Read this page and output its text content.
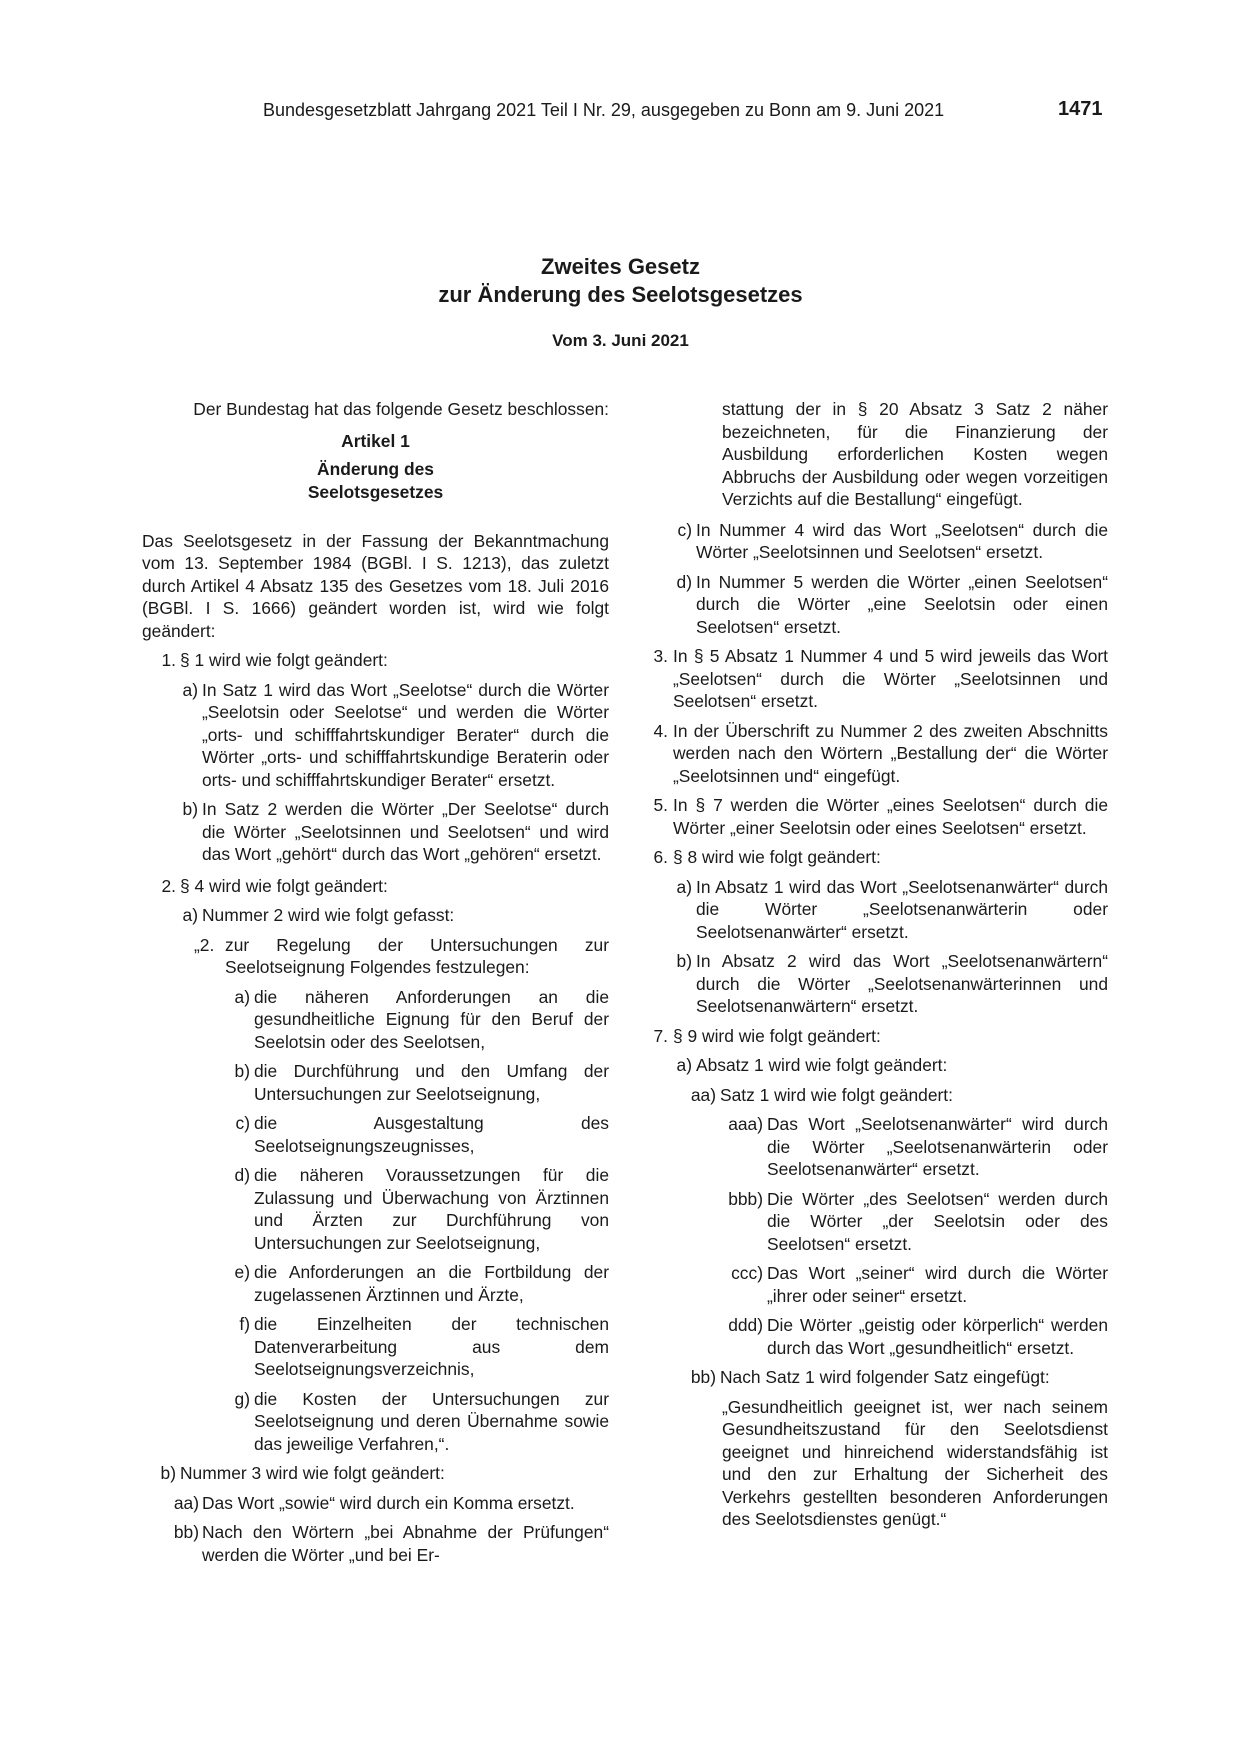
Bundesgesetzblatt Jahrgang 2021 Teil I Nr. 29, ausgegeben zu Bonn am 9. Juni 2021	1471
Zweites Gesetz
zur Änderung des Seelotsgesetzes
Vom 3. Juni 2021
Der Bundestag hat das folgende Gesetz beschlossen:
Artikel 1
Änderung des
Seelotsgesetzes
Das Seelotsgesetz in der Fassung der Bekanntmachung vom 13. September 1984 (BGBl. I S. 1213), das zuletzt durch Artikel 4 Absatz 135 des Gesetzes vom 18. Juli 2016 (BGBl. I S. 1666) geändert worden ist, wird wie folgt geändert:
1. § 1 wird wie folgt geändert:
a) In Satz 1 wird das Wort „Seelotse“ durch die Wörter „Seelotsin oder Seelotse“ und werden die Wörter „orts- und schifffahrtskundiger Berater“ durch die Wörter „orts- und schifffahrtskundige Beraterin oder orts- und schifffahrtskundiger Berater“ ersetzt.
b) In Satz 2 werden die Wörter „Der Seelotse“ durch die Wörter „Seelotsinnen und Seelotsen“ und wird das Wort „gehört“ durch das Wort „gehören“ ersetzt.
2. § 4 wird wie folgt geändert:
a) Nummer 2 wird wie folgt gefasst:
„2. zur Regelung der Untersuchungen zur Seelotseignung Folgendes festzulegen:
a) die näheren Anforderungen an die gesundheitliche Eignung für den Beruf der Seelotsin oder des Seelotsen,
b) die Durchführung und den Umfang der Untersuchungen zur Seelotseignung,
c) die Ausgestaltung des Seelotseignungszeugnisses,
d) die näheren Voraussetzungen für die Zulassung und Überwachung von Ärztinnen und Ärzten zur Durchführung von Untersuchungen zur Seelotseignung,
e) die Anforderungen an die Fortbildung der zugelassenen Ärztinnen und Ärzte,
f) die Einzelheiten der technischen Datenverarbeitung aus dem Seelotseignungsverzeichnis,
g) die Kosten der Untersuchungen zur Seelotseignung und deren Übernahme sowie das jeweilige Verfahren,“.
b) Nummer 3 wird wie folgt geändert:
aa) Das Wort „sowie“ wird durch ein Komma ersetzt.
bb) Nach den Wörtern „bei Abnahme der Prüfungen“ werden die Wörter „und bei Er-
stattung der in § 20 Absatz 3 Satz 2 näher bezeichneten, für die Finanzierung der Ausbildung erforderlichen Kosten wegen Abbruchs der Ausbildung oder wegen vorzeitigen Verzichts auf die Bestallung“ eingefügt.
c) In Nummer 4 wird das Wort „Seelotsen“ durch die Wörter „Seelotsinnen und Seelotsen“ ersetzt.
d) In Nummer 5 werden die Wörter „einen Seelotsen“ durch die Wörter „eine Seelotsin oder einen Seelotsen“ ersetzt.
3. In § 5 Absatz 1 Nummer 4 und 5 wird jeweils das Wort „Seelotsen“ durch die Wörter „Seelotsinnen und Seelotsen“ ersetzt.
4. In der Überschrift zu Nummer 2 des zweiten Abschnitts werden nach den Wörtern „Bestallung der“ die Wörter „Seelotsinnen und“ eingefügt.
5. In § 7 werden die Wörter „eines Seelotsen“ durch die Wörter „einer Seelotsin oder eines Seelotsen“ ersetzt.
6. § 8 wird wie folgt geändert:
a) In Absatz 1 wird das Wort „Seelotsenanwärter“ durch die Wörter „Seelotsenanwärterin oder Seelotsenanwärter“ ersetzt.
b) In Absatz 2 wird das Wort „Seelotsenanwärtern“ durch die Wörter „Seelotsenanwärterinnen und Seelotsenanwärtern“ ersetzt.
7. § 9 wird wie folgt geändert:
a) Absatz 1 wird wie folgt geändert:
aa) Satz 1 wird wie folgt geändert:
aaa) Das Wort „Seelotsenanwärter“ wird durch die Wörter „Seelotsenanwärterin oder Seelotsenanwärter“ ersetzt.
bbb) Die Wörter „des Seelotsen“ werden durch die Wörter „der Seelotsin oder des Seelotsen“ ersetzt.
ccc) Das Wort „seiner“ wird durch die Wörter „ihrer oder seiner“ ersetzt.
ddd) Die Wörter „geistig oder körperlich“ werden durch das Wort „gesundheitlich“ ersetzt.
bb) Nach Satz 1 wird folgender Satz eingefügt:
„Gesundheitlich geeignet ist, wer nach seinem Gesundheitszustand für den Seelotsdienst geeignet und hinreichend widerstandsfähig ist und den zur Erhaltung der Sicherheit des Verkehrs gestellten besonderen Anforderungen des Seelotsdienstes genügt.“
